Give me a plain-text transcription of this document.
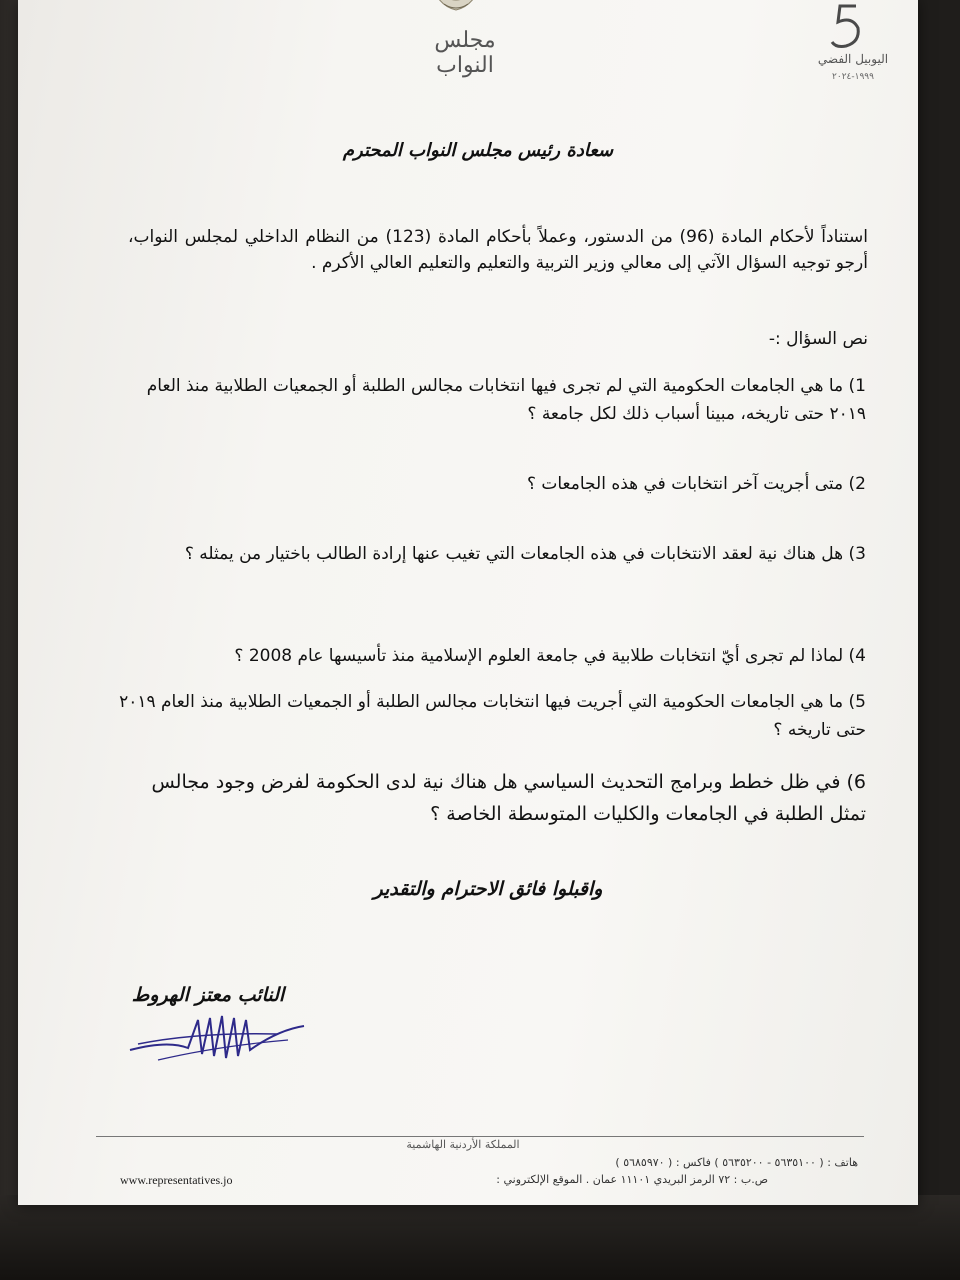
مجلس النواب	اليوبيل الفضي
١٩٩٩-٢٠٢٤
سعادة رئيس مجلس النواب المحترم
استناداً لأحكام المادة (96) من الدستور، وعملاً بأحكام المادة (123) من النظام الداخلي لمجلس النواب، أرجو توجيه السؤال الآتي إلى معالي وزير التربية والتعليم والتعليم العالي الأكرم .
نص السؤال :-
1) ما هي الجامعات الحكومية التي لم تجرى فيها انتخابات مجالس الطلبة أو الجمعيات الطلابية منذ العام ٢٠١٩ حتى تاريخه، مبينا أسباب ذلك لكل جامعة ؟
2) متى أجريت آخر انتخابات في هذه الجامعات ؟
3) هل هناك نية لعقد الانتخابات في هذه الجامعات التي تغيب عنها إرادة الطالب باختيار من يمثله ؟
4) لماذا لم تجرى أيّ انتخابات طلابية في جامعة العلوم الإسلامية منذ تأسيسها عام 2008 ؟
5) ما هي الجامعات الحكومية التي أجريت فيها انتخابات مجالس الطلبة أو الجمعيات الطلابية منذ العام ٢٠١٩ حتى تاريخه ؟
6) في ظل خطط وبرامج التحديث السياسي هل هناك نية لدى الحكومة لفرض وجود مجالس تمثل الطلبة في الجامعات والكليات المتوسطة الخاصة ؟
واقبلوا فائق الاحترام والتقدير
النائب معتز الهروط
المملكة الأردنية الهاشمية
هاتف : ( ٥٦٣٥١٠٠ - ٥٦٣٥٢٠٠ ) فاكس : ( ٥٦٨٥٩٧٠ )
ص.ب : ٧٢ الرمز البريدي ١١١٠١ عمان . الموقع الإلكتروني :
www.representatives.jo
